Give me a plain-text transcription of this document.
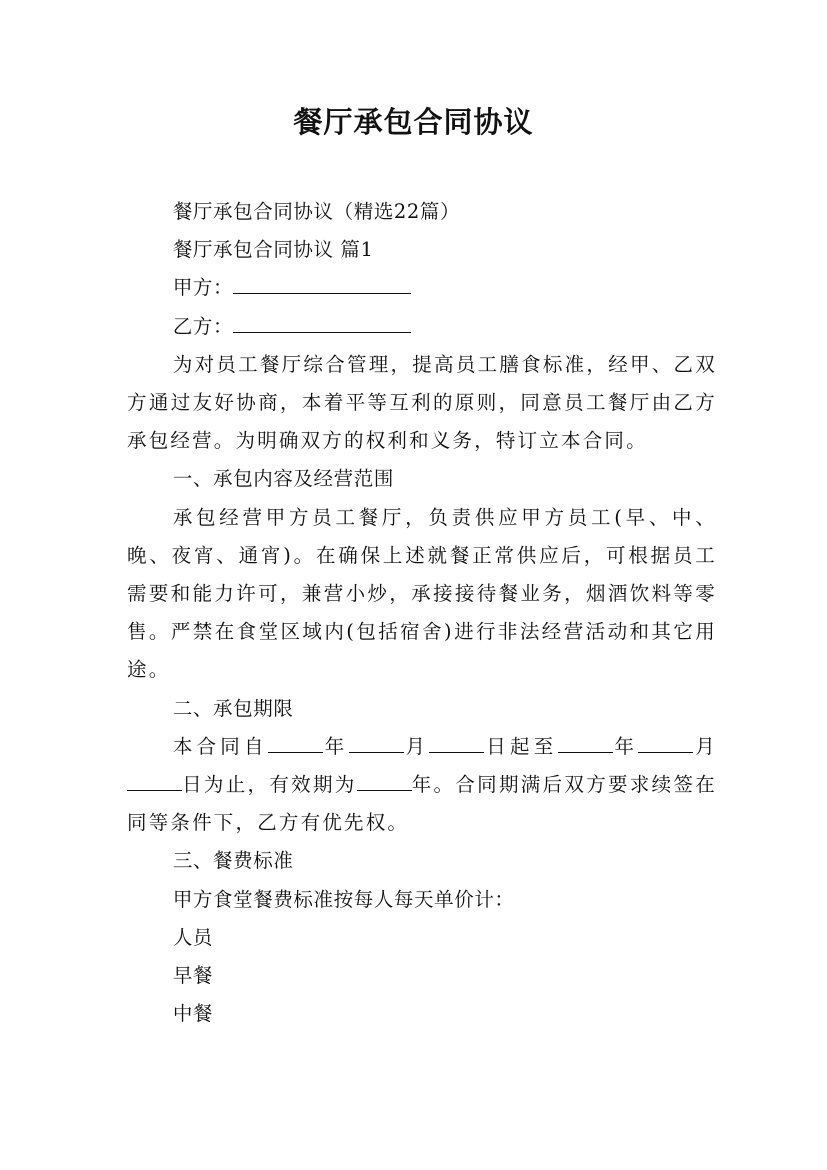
餐厅承包合同协议

餐厅承包合同协议（精选22篇）

餐厅承包合同协议 篇1

甲方：

乙方：

为对员工餐厅综合管理，提高员工膳食标准，经甲、乙双方通过友好协商，本着平等互利的原则，同意员工餐厅由乙方承包经营。为明确双方的权利和义务，特订立本合同。

一、承包内容及经营范围

承包经营甲方员工餐厅，负责供应甲方员工(早、中、晚、夜宵、通宵)。在确保上述就餐正常供应后，可根据员工需要和能力许可，兼营小炒，承接接待餐业务，烟酒饮料等零售。严禁在食堂区域内(包括宿舍)进行非法经营活动和其它用途。

二、承包期限

本合同自	年	月	日起至	年	月日为止，有效期为	年。合同期满后双方要求续签在同等条件下，乙方有优先权。

三、餐费标准

甲方食堂餐费标准按每人每天单价计：

人员

早餐

中餐
